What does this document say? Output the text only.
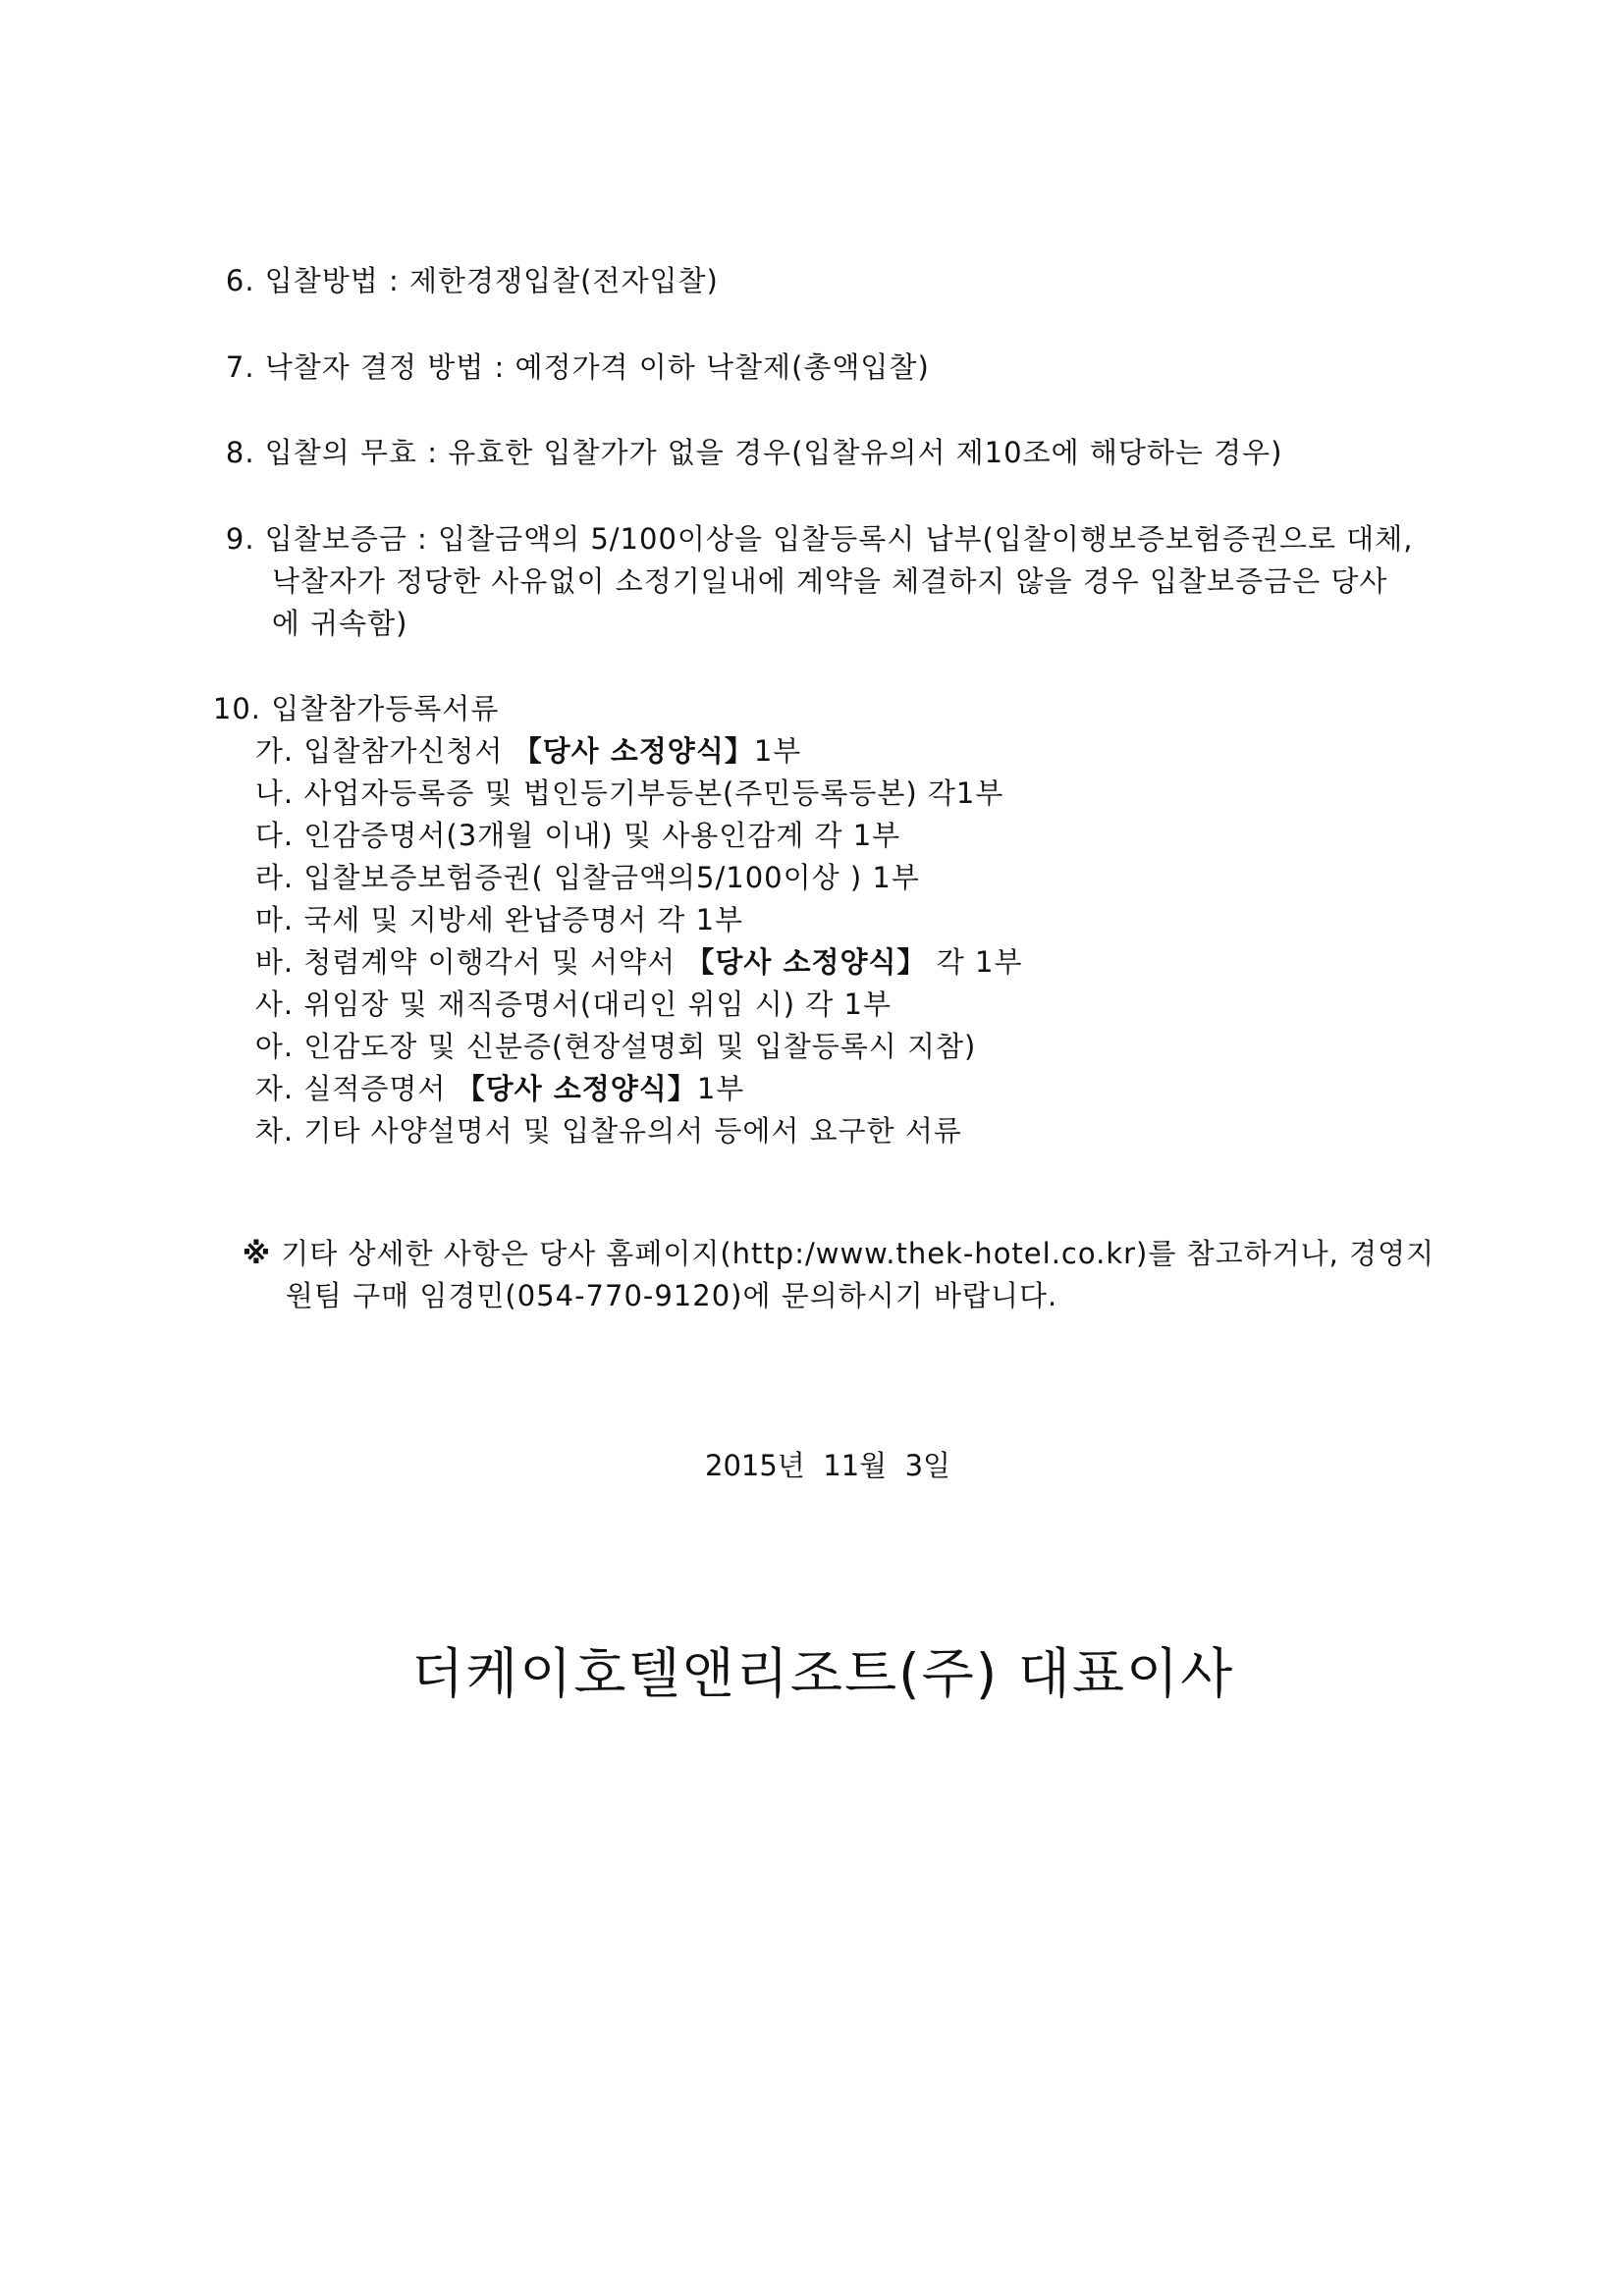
6. 입찰방법 : 제한경쟁입찰(전자입찰)

7. 낙찰자 결정 방법 : 예정가격 이하 낙찰제(총액입찰)

8. 입찰의 무효 : 유효한 입찰가가 없을 경우(입찰유의서 제10조에 해당하는 경우)

9. 입찰보증금 : 입찰금액의 5/100이상을 입찰등록시 납부(입찰이행보증보험증권으로 대체,

낙찰자가 정당한 사유없이 소정기일내에 계약을 체결하지 않을 경우 입찰보증금은 당사

에 귀속함)

10. 입찰참가등록서류

가. 입찰참가신청서 【당사 소정양식】1부

나. 사업자등록증 및 법인등기부등본(주민등록등본) 각1부

다. 인감증명서(3개월 이내) 및 사용인감계 각 1부

라. 입찰보증보험증권( 입찰금액의5/100이상 ) 1부

마. 국세 및 지방세 완납증명서 각 1부

바. 청렴계약 이행각서 및 서약서 【당사 소정양식】 각 1부

사. 위임장 및 재직증명서(대리인 위임 시) 각 1부

아. 인감도장 및 신분증(현장설명회 및 입찰등록시 지참)

자. 실적증명서 【당사 소정양식】1부

차. 기타 사양설명서 및 입찰유의서 등에서 요구한 서류

※ 기타 상세한 사항은 당사 홈페이지(http:/www.thek-hotel.co.kr)를 참고하거나, 경영지

원팀 구매 임경민(054-770-9120)에 문의하시기 바랍니다.

2015년  11월  3일
더케이호텔앤리조트(주) 대표이사
